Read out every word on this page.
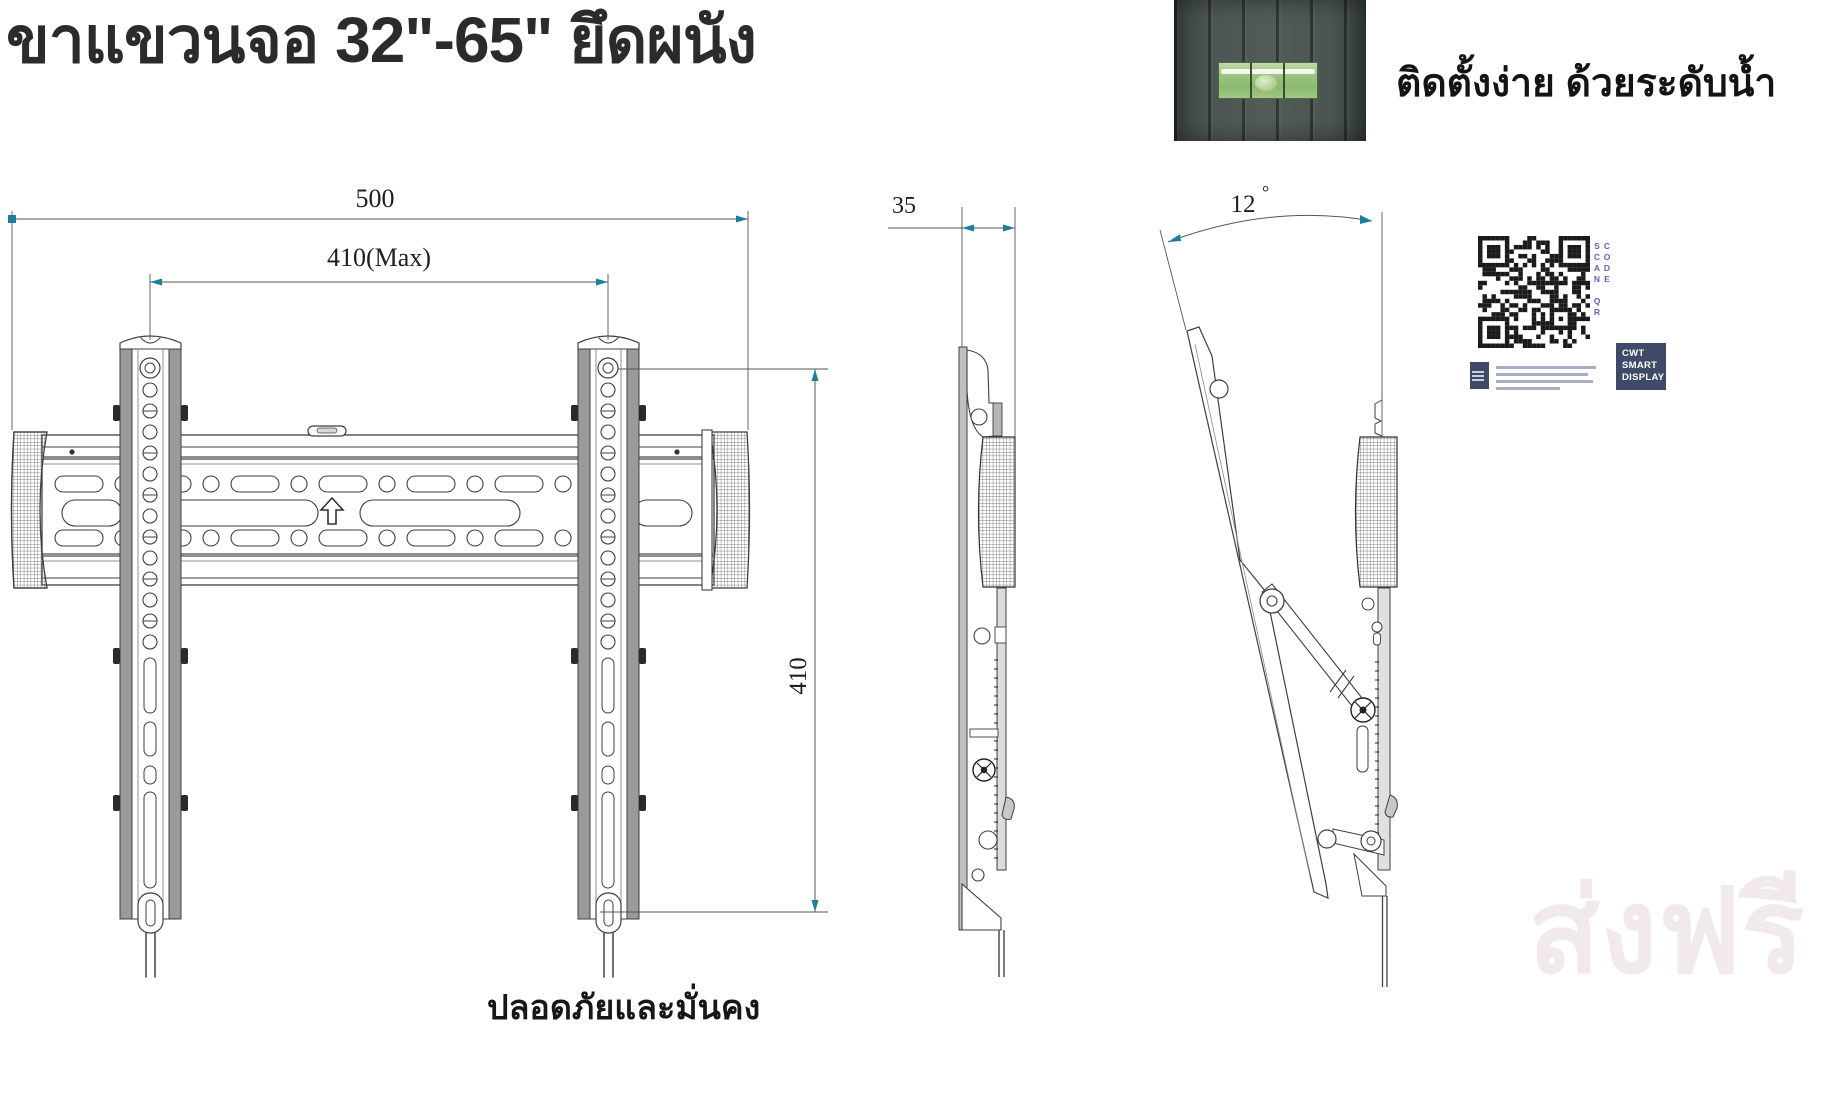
500
410(Max)
410
35	12 °
ขาแขวนจอ 32"-65" ยึดผนัง
ติดตั้งง่าย ด้วยระดับน้ำ
SCAN QR CODE
CWT
SMART
DISPLAY
ส่งฟรี
ปลอดภัยและมั่นคง
